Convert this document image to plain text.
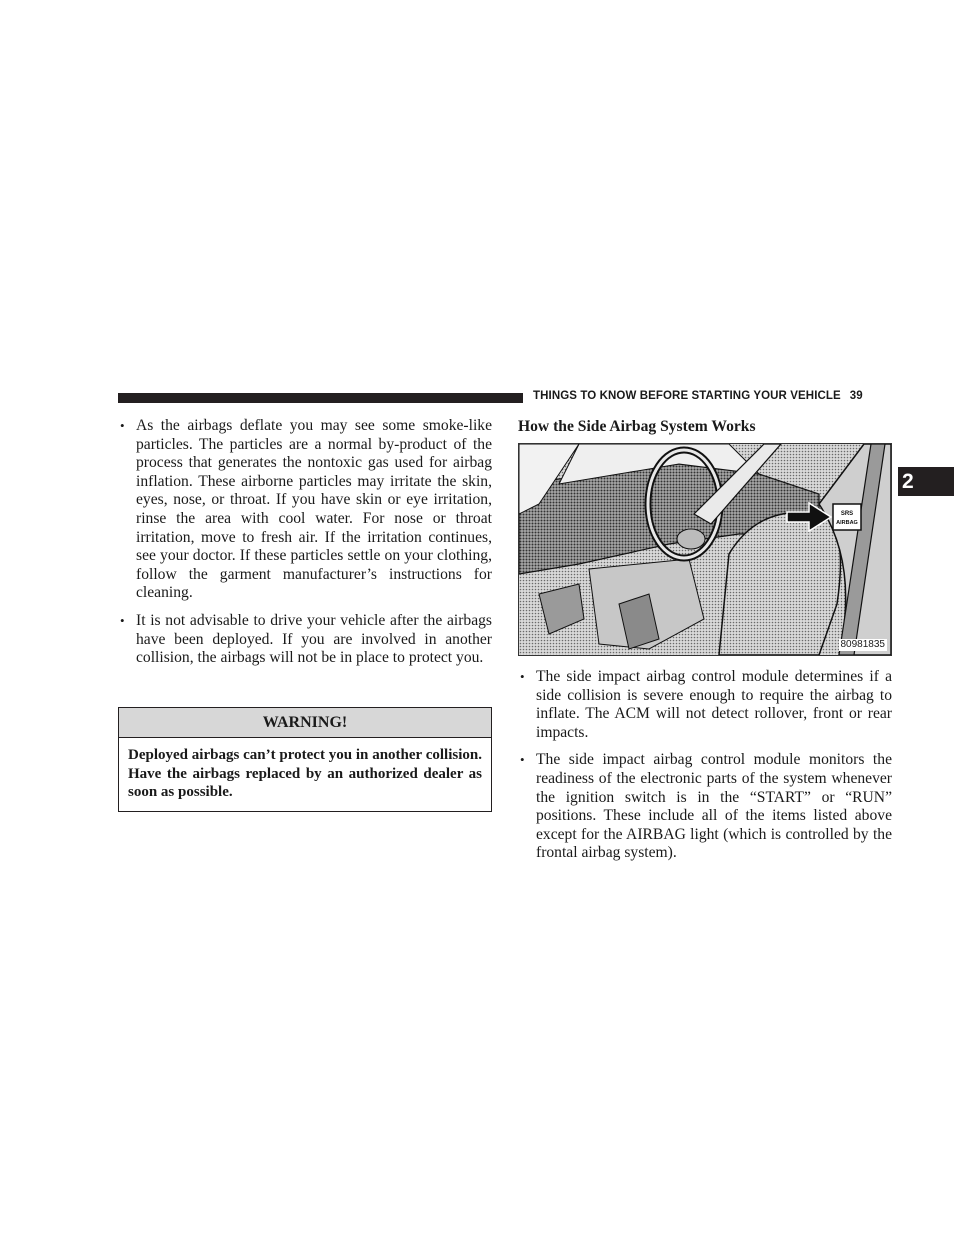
THINGS TO KNOW BEFORE STARTING YOUR VEHICLE 39
2

• As the airbags deflate you may see some smoke-like particles. The particles are a normal by-product of the process that generates the nontoxic gas used for airbag inflation. These airborne particles may irritate the skin, eyes, nose, or throat. If you have skin or eye irritation, rinse the area with cool water. For nose or throat irritation, move to fresh air. If the irritation continues, see your doctor. If these particles settle on your clothing, follow the garment manufacturer’s instructions for cleaning.

• It is not advisable to drive your vehicle after the airbags have been deployed. If you are involved in another collision, the airbags will not be in place to protect you.

WARNING!
Deployed airbags can’t protect you in another collision. Have the airbags replaced by an authorized dealer as soon as possible.
How the Side Airbag System Works
SRS
AIRBAG
80981835

• The side impact airbag control module determines if a side collision is severe enough to require the airbag to inflate. The ACM will not detect rollover, front or rear impacts.

• The side impact airbag control module monitors the readiness of the electronic parts of the system whenever the ignition switch is in the “START” or “RUN” positions. These include all of the items listed above except for the AIRBAG light (which is controlled by the frontal airbag system).
